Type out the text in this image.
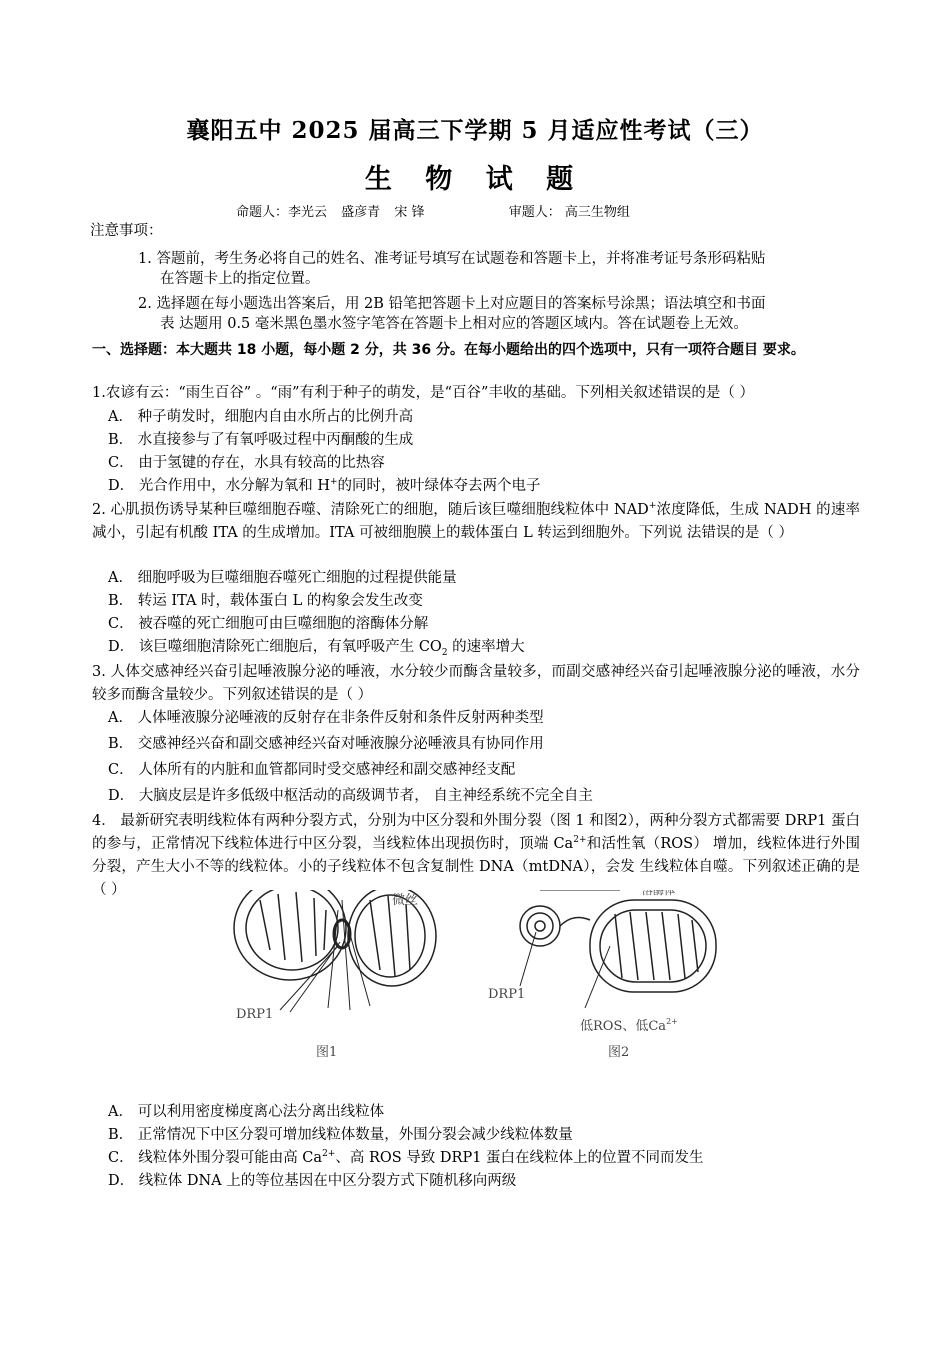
襄阳五中 2025 届高三下学期 5 月适应性考试（三）
生 物 试 题
命题人：李光云 盛彦青 宋 锋	审题人： 高三生物组
注意事项：
1. 答题前，考生务必将自己的姓名、准考证号填写在试题卷和答题卡上，并将准考证号条形码粘贴
在答题卡上的指定位置。
2. 选择题在每小题选出答案后，用 2B 铅笔把答题卡上对应题目的答案标号涂黑；语法填空和书面
表 达题用 0.5 毫米黑色墨水签字笔答在答题卡上相对应的答题区域内。答在试题卷上无效。
一、选择题：本大题共 18 小题，每小题 2 分，共 36 分。在每小题给出的四个选项中，只有一项符合题目 要求。
1.农谚有云：“雨生百谷” 。“雨”有利于种子的萌发，是“百谷”丰收的基础。下列相关叙述错误的是（ ）
A． 种子萌发时，细胞内自由水所占的比例升高
B． 水直接参与了有氧呼吸过程中丙酮酸的生成
C． 由于氢键的存在，水具有较高的比热容
D． 光合作用中，水分解为氧和 H+的同时，被叶绿体夺去两个电子
2. 心肌损伤诱导某种巨噬细胞吞噬、清除死亡的细胞，随后该巨噬细胞线粒体中 NAD+浓度降低，生成 NADH 的速率减小，引起有机酸 ITA 的生成增加。ITA 可被细胞膜上的载体蛋白 L 转运到细胞外。下列说 法错误的是（ ）
A． 细胞呼吸为巨噬细胞吞噬死亡细胞的过程提供能量
B． 转运 ITA 时，载体蛋白 L 的构象会发生改变
C． 被吞噬的死亡细胞可由巨噬细胞的溶酶体分解
D． 该巨噬细胞清除死亡细胞后，有氧呼吸产生 $CO_2$ 的速率增大
3. 人体交感神经兴奋引起唾液腺分泌的唾液，水分较少而酶含量较多，而副交感神经兴奋引起唾液腺分泌的唾液，水分较多而酶含量较少。下列叙述错误的是（ ）
A． 人体唾液腺分泌唾液的反射存在非条件反射和条件反射两种类型
B． 交感神经兴奋和副交感神经兴奋对唾液腺分泌唾液具有协同作用
C． 人体所有的内脏和血管都同时受交感神经和副交感神经支配
D． 大脑皮层是许多低级中枢活动的高级调节者， 自主神经系统不完全自主
4． 最新研究表明线粒体有两种分裂方式，分别为中区分裂和外围分裂（图 1 和图2），两种分裂方式都需要 DRP1 蛋白的参与，正常情况下线粒体进行中区分裂，当线粒体出现损伤时，顶端 $Ca^{2+}$和活性氧（ROS） 增加，线粒体进行外围分裂，产生大小不等的线粒体。小的子线粒体不包含复制性 DNA（mtDNA），会发 生线粒体自噬。下列叙述正确的是（ ）
微丝
DRP1
图1
溶酶体
DRP1
低ROS、低$Ca^{2+}$
图2
A． 可以利用密度梯度离心法分离出线粒体
B． 正常情况下中区分裂可增加线粒体数量，外围分裂会减少线粒体数量
C． 线粒体外围分裂可能由高 $Ca^{2+}$、高 ROS 导致 DRP1 蛋白在线粒体上的位置不同而发生
D． 线粒体 DNA 上的等位基因在中区分裂方式下随机移向两级
